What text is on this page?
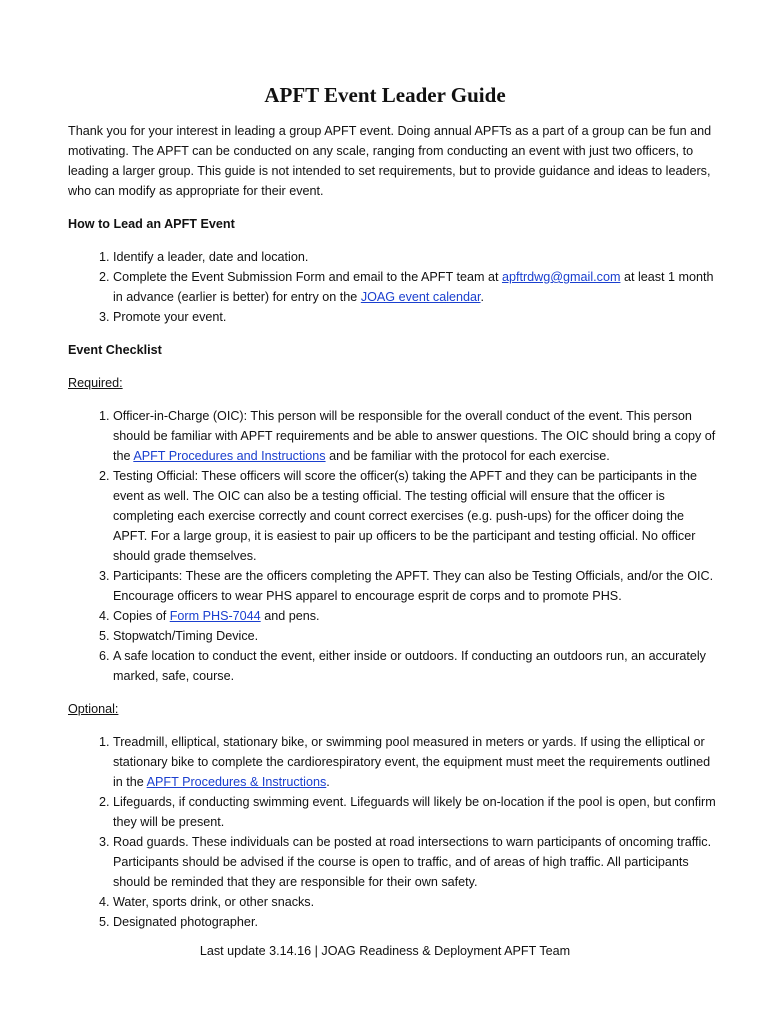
APFT Event Leader Guide

Thank you for your interest in leading a group APFT event. Doing annual APFTs as a part of a group can be fun and motivating. The APFT can be conducted on any scale, ranging from conducting an event with just two officers, to leading a larger group. This guide is not intended to set requirements, but to provide guidance and ideas to leaders, who can modify as appropriate for their event.

How to Lead an APFT Event

1. Identify a leader, date and location.
2. Complete the Event Submission Form and email to the APFT team at apftrdwg@gmail.com at least 1 month in advance (earlier is better) for entry on the JOAG event calendar.
3. Promote your event.

Event Checklist

Required:

1. Officer-in-Charge (OIC): This person will be responsible for the overall conduct of the event. This person should be familiar with APFT requirements and be able to answer questions. The OIC should bring a copy of the APFT Procedures and Instructions and be familiar with the protocol for each exercise.
2. Testing Official: These officers will score the officer(s) taking the APFT and they can be participants in the event as well. The OIC can also be a testing official. The testing official will ensure that the officer is completing each exercise correctly and count correct exercises (e.g. push-ups) for the officer doing the APFT. For a large group, it is easiest to pair up officers to be the participant and testing official. No officer should grade themselves.
3. Participants: These are the officers completing the APFT. They can also be Testing Officials, and/or the OIC. Encourage officers to wear PHS apparel to encourage esprit de corps and to promote PHS.
4. Copies of Form PHS-7044 and pens.
5. Stopwatch/Timing Device.
6. A safe location to conduct the event, either inside or outdoors. If conducting an outdoors run, an accurately marked, safe, course.

Optional:

1. Treadmill, elliptical, stationary bike, or swimming pool measured in meters or yards. If using the elliptical or stationary bike to complete the cardiorespiratory event, the equipment must meet the requirements outlined in the APFT Procedures & Instructions.
2. Lifeguards, if conducting swimming event. Lifeguards will likely be on-location if the pool is open, but confirm they will be present.
3. Road guards. These individuals can be posted at road intersections to warn participants of oncoming traffic. Participants should be advised if the course is open to traffic, and of areas of high traffic. All participants should be reminded that they are responsible for their own safety.
4. Water, sports drink, or other snacks.
5. Designated photographer.
Last update 3.14.16 | JOAG Readiness & Deployment APFT Team
